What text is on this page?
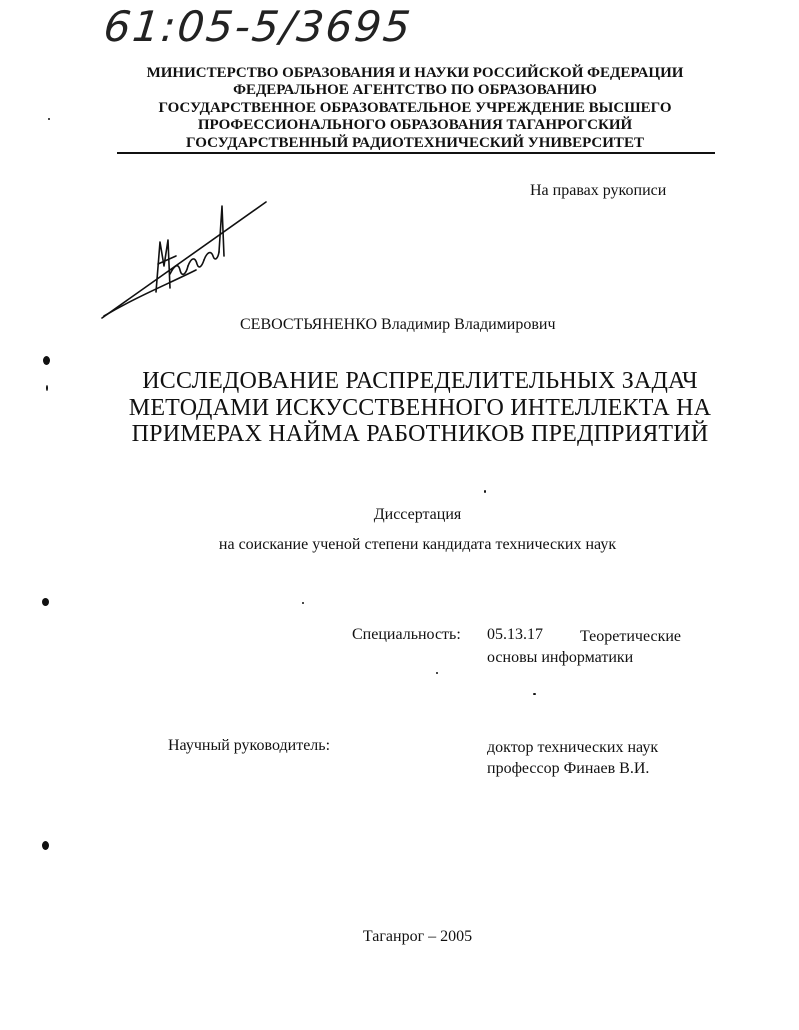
61:05-5/3695
МИНИСТЕРСТВО ОБРАЗОВАНИЯ И НАУКИ РОССИЙСКОЙ ФЕДЕРАЦИИ
ФЕДЕРАЛЬНОЕ АГЕНТСТВО ПО ОБРАЗОВАНИЮ
ГОСУДАРСТВЕННОЕ ОБРАЗОВАТЕЛЬНОЕ УЧРЕЖДЕНИЕ ВЫСШЕГО
ПРОФЕССИОНАЛЬНОГО ОБРАЗОВАНИЯ ТАГАНРОГСКИЙ
ГОСУДАРСТВЕННЫЙ РАДИОТЕХНИЧЕСКИЙ УНИВЕРСИТЕТ
На правах рукописи
СЕВОСТЬЯНЕНКО Владимир Владимирович
ИССЛЕДОВАНИЕ РАСПРЕДЕЛИТЕЛЬНЫХ ЗАДАЧ
МЕТОДАМИ ИСКУССТВЕННОГО ИНТЕЛЛЕКТА НА
ПРИМЕРАХ НАЙМА РАБОТНИКОВ ПРЕДПРИЯТИЙ
Диссертация
на соискание ученой степени кандидата технических наук
Специальность: 05.13.17	Теоретические основы информатики
Научный руководитель:	доктор технических наук
профессор Финаев В.И.
Таганрог – 2005
